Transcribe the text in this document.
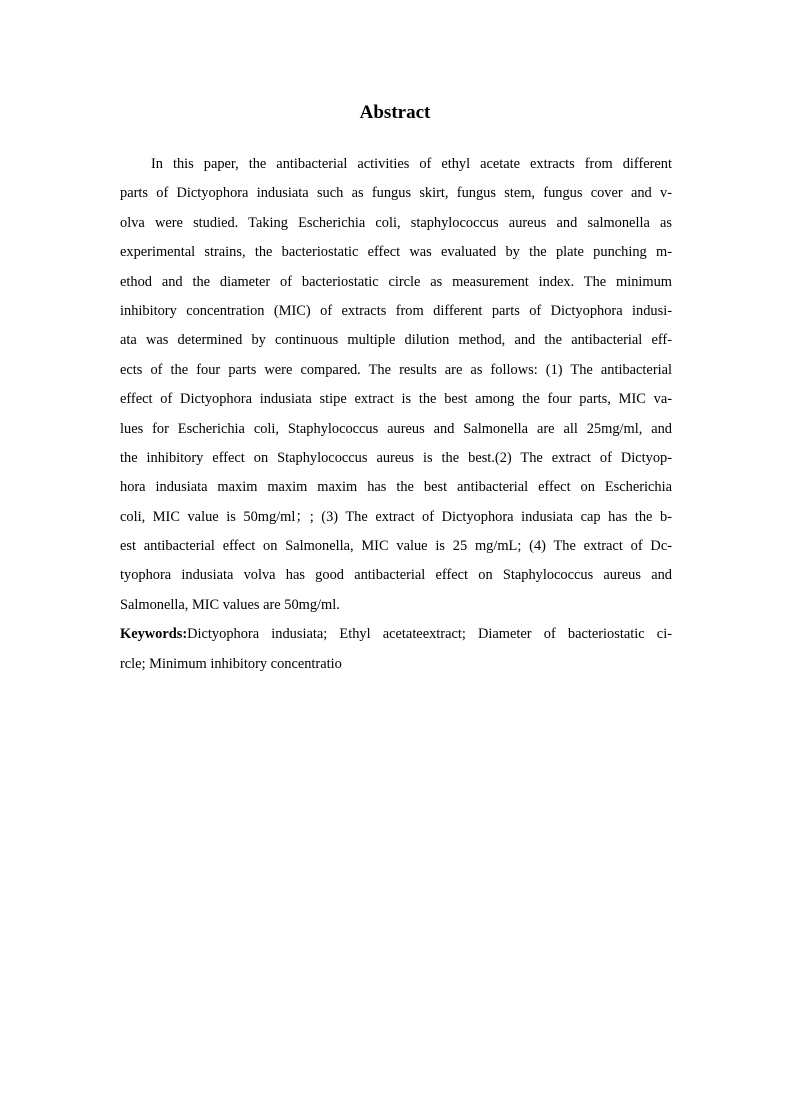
Abstract
In this paper, the antibacterial activities of ethyl acetate extracts from different
parts of Dictyophora indusiata such as fungus skirt, fungus stem, fungus cover and v-
olva were studied. Taking Escherichia coli, staphylococcus aureus and salmonella as
experimental strains, the bacteriostatic effect was evaluated by the plate punching m-
ethod and the diameter of bacteriostatic circle as measurement index. The minimum
inhibitory concentration (MIC) of extracts from different parts of Dictyophora indusi-
ata was determined by continuous multiple dilution method, and the antibacterial eff-
ects of the four parts were compared. The results are as follows: (1) The antibacterial
effect of Dictyophora indusiata stipe extract is the best among the four parts, MIC va-
lues for Escherichia coli, Staphylococcus aureus and Salmonella are all 25mg/ml, and
the inhibitory effect on Staphylococcus aureus is the best.(2) The extract of Dictyop-
hora indusiata maxim maxim maxim has the best antibacterial effect on Escherichia
coli, MIC value is 50mg/ml；; (3) The extract of Dictyophora indusiata cap has the b-
est antibacterial effect on Salmonella, MIC value is 25 mg/mL; (4) The extract of Dc-
tyophora indusiata volva has good antibacterial effect on Staphylococcus aureus and
Salmonella, MIC values are 50mg/ml.
Keywords:Dictyophora indusiata; Ethyl acetateextract; Diameter of bacteriostatic ci-
rcle; Minimum inhibitory concentratio
